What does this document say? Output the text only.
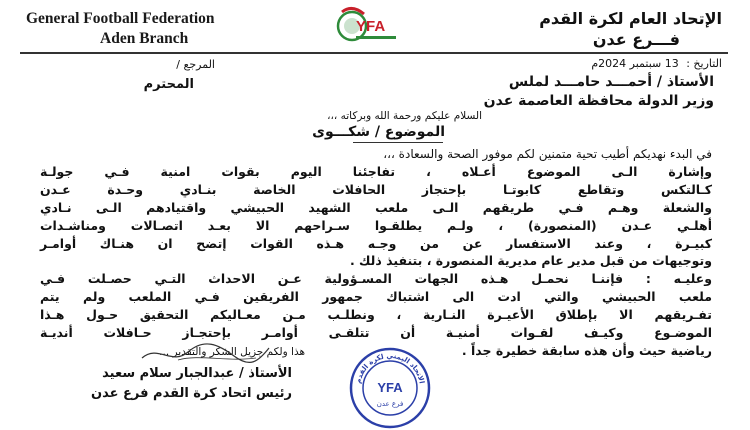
General Football Federation
Aden Branch
YFA	الإتحاد العام لكرة القدم
فـــرع عدن
التاريخ : 13 سبتمبر 2024م
المرجع /
الأستاذ / أحمـــد حامـــد لملس
المحترم
وزير الدولة محافظة العاصمة عدن
السلام عليكم ورحمة الله وبركاته ،،،
الموضوع / شكـــوى
في البدء نهديكم أطيب تحية متمنين لكم موفور الصحة والسعادة ،،،
وإشارة الـى الموضوع أعـلاه ، تفاجئنا اليوم بقوات امنية فـي جولـة
كـالتكس وتقاطع كابوتـا بإحتجاز الحافلات الخاصة بنـادي وحـدة عـدن
والشعلة وهـم فـي طريقهم الـى ملعب الشهيد الحبيشي واقتيادهم الـى نـادي
أهلـي عـدن (المنصورة) ، ولـم يطلقـوا سـراحهم الا بعـد اتصـالات ومناشـدات
كبيـرة ، وعند الاستفسار عن من وجـه هـذه القوات إتضح ان هنـاك أوامـر
وتوجيهات من قبل مدير عام مديرية المنصورة ، بتنفيذ ذلك .
وعليـه : فإننـا نحمـل هـذه الجهات المسـؤولية عـن الاحداث التـي حصـلت فـي
ملعب الحبيشي والتي ادت الى اشتباك جمهور الفريقين فـي الملعب ولم يتم
تفـريقهم الا بإطلاق الأعيـرة النـارية ، ونطلـب مـن معـاليكم التحقيق حـول هـذا
الموضـوع وكيـف لقـوات أمنيـة أن تتلقـى أوامـر بإحتجـاز حـافلات أنديـة
رياضية حيث وأن هذه سابقة خطيرة جداً .
هذا ولكم جزيل الشكر والتقدير ...
الأستاذ / عبدالجبار سلام سعيد
رئيس اتحاد كرة القدم فرع عدن
الاتحاد اليمني لكرة القدم
YFA
فرع عدن
